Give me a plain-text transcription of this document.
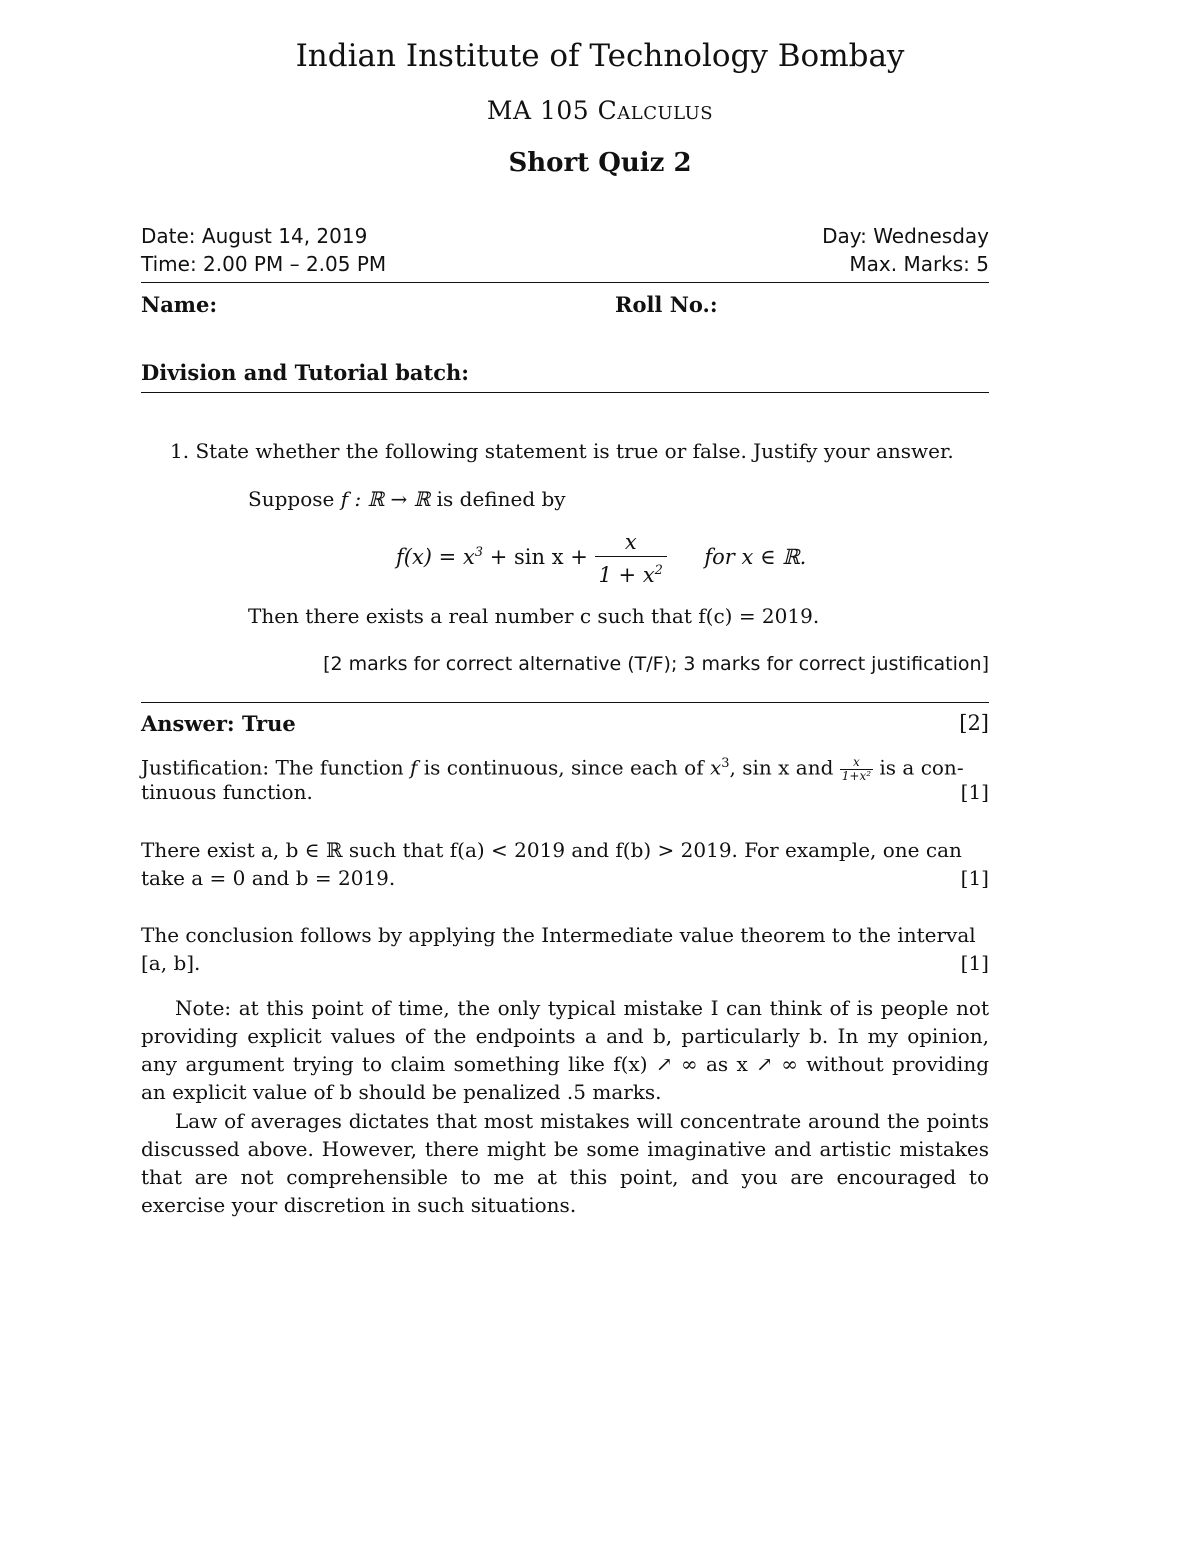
Indian Institute of Technology Bombay
MA 105 Calculus
Short Quiz 2
Date: August 14, 2019	Day: Wednesday
Time: 2.00 PM – 2.05 PM	Max. Marks: 5
Name:	Roll No.:
Division and Tutorial batch:
1. State whether the following statement is true or false. Justify your answer.
Suppose f : ℝ → ℝ is defined by
$f(x) = x^3 + \sin x + \frac{x}{1 + x^2}$ for x ∈ ℝ.
Then there exists a real number c such that f(c) = 2019.
[2 marks for correct alternative (T/F); 3 marks for correct justification]
Answer: True	[2]
Justification: The function f is continuous, since each of $x^3$, sin x and $\frac{x}{\text{1+x²}}$ is a con-
tinuous function.	[1]
There exist a, b ∈ ℝ such that f(a) < 2019 and f(b) > 2019. For example, one can
take a = 0 and b = 2019.	[1]
The conclusion follows by applying the Intermediate value theorem to the interval
[a, b].	[1]
Note: at this point of time, the only typical mistake I can think of is people not providing explicit values of the endpoints a and b, particularly b. In my opinion, any argument trying to claim something like f(x) ↗ ∞ as x ↗ ∞ without providing an explicit value of b should be penalized .5 marks.
Law of averages dictates that most mistakes will concentrate around the points discussed above. However, there might be some imaginative and artistic mistakes that are not comprehensible to me at this point, and you are encouraged to exercise your discretion in such situations.
